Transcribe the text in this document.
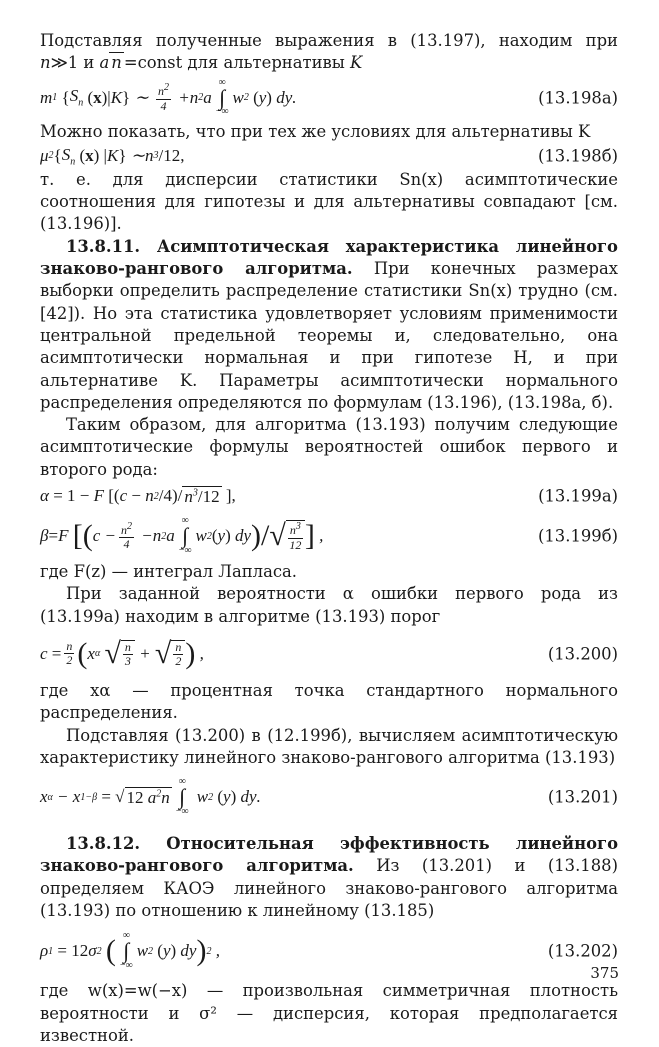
Подставляя полученные выражения в (13.197), находим при

n≫1 и a n =const для альтернативы K

m 1
{ $S_n$
(x)| K } ∼ $\frac{n^2}{4} + n$ 2 a
∞
∫
−∞
w 2
( y )
dy .	(13.198а)

Можно показать, что при тех же условиях для альтернативы K

μ 2 { $S_n$
(x) | K } ∼ n 3 /12,	(13.198б)

т. е. для дисперсии статистики Sn(x) асимптотические соотношения для гипотезы и для альтернативы совпадают [см. (13.196)].

13.8.11. Асимптотическая характеристика линейного знаково-рангового алгоритма. При конечных размерах выборки определить распределение статистики Sn(x) трудно (см. [42]). Но эта статистика удовлетворяет условиям применимости центральной предельной теоремы и, следовательно, она асимптотически нормальная и при гипотезе H, и при альтернативе K. Параметры асимптотически нормального распределения определяются по формулам (13.196), (13.198а, б).

Таким образом, для алгоритма (13.193) получим следующие асимптотические формулы вероятностей ошибок первого и второго рода:

α
= 1 −
F
[( c
−
n 2 /4)/ $n^3/12$
],	(13.199а)
β = F
[ ( $c - \frac{n^2}{4} - n$ 2 a
∞
∫
−∞
w 2 ( y )
dy ) / √ $\frac{n^3}{12}$ ] ,	(13.199б)

где F(z) — интеграл Лапласа.

При заданной вероятности α ошибки первого рода из (13.199а) находим в алгоритме (13.193) порог

c
= $\frac{n}{2}$ ( x α
√ $\frac{n}{3}$ + √ $\frac{n}{2}$ ) ,	(13.200)

где xα — процентная точка стандартного нормального распределения.

Подставляя (13.200) в (12.199б), вычисляем асимптотическую характеристику линейного знаково-рангового алгоритма (13.193)

x α − x 1−β
=
√ 12 $a^2n$
∞
∫
−∞

w 2
( y )
dy .	(13.201)

13.8.12. Относительная эффективность линейного знаково-рангового алгоритма. Из (13.201) и (13.188) определяем КАОЭ линейного знаково-рангового алгоритма (13.193) по отношению к линейному (13.185)

ρ 1
= 12 σ 2
( ∞
∫
−∞
w 2
( y )
dy ) 2 ,	(13.202)

где w(x)=w(−x) — произвольная симметричная плотность вероятности и σ² — дисперсия, которая предполагается известной.

375
